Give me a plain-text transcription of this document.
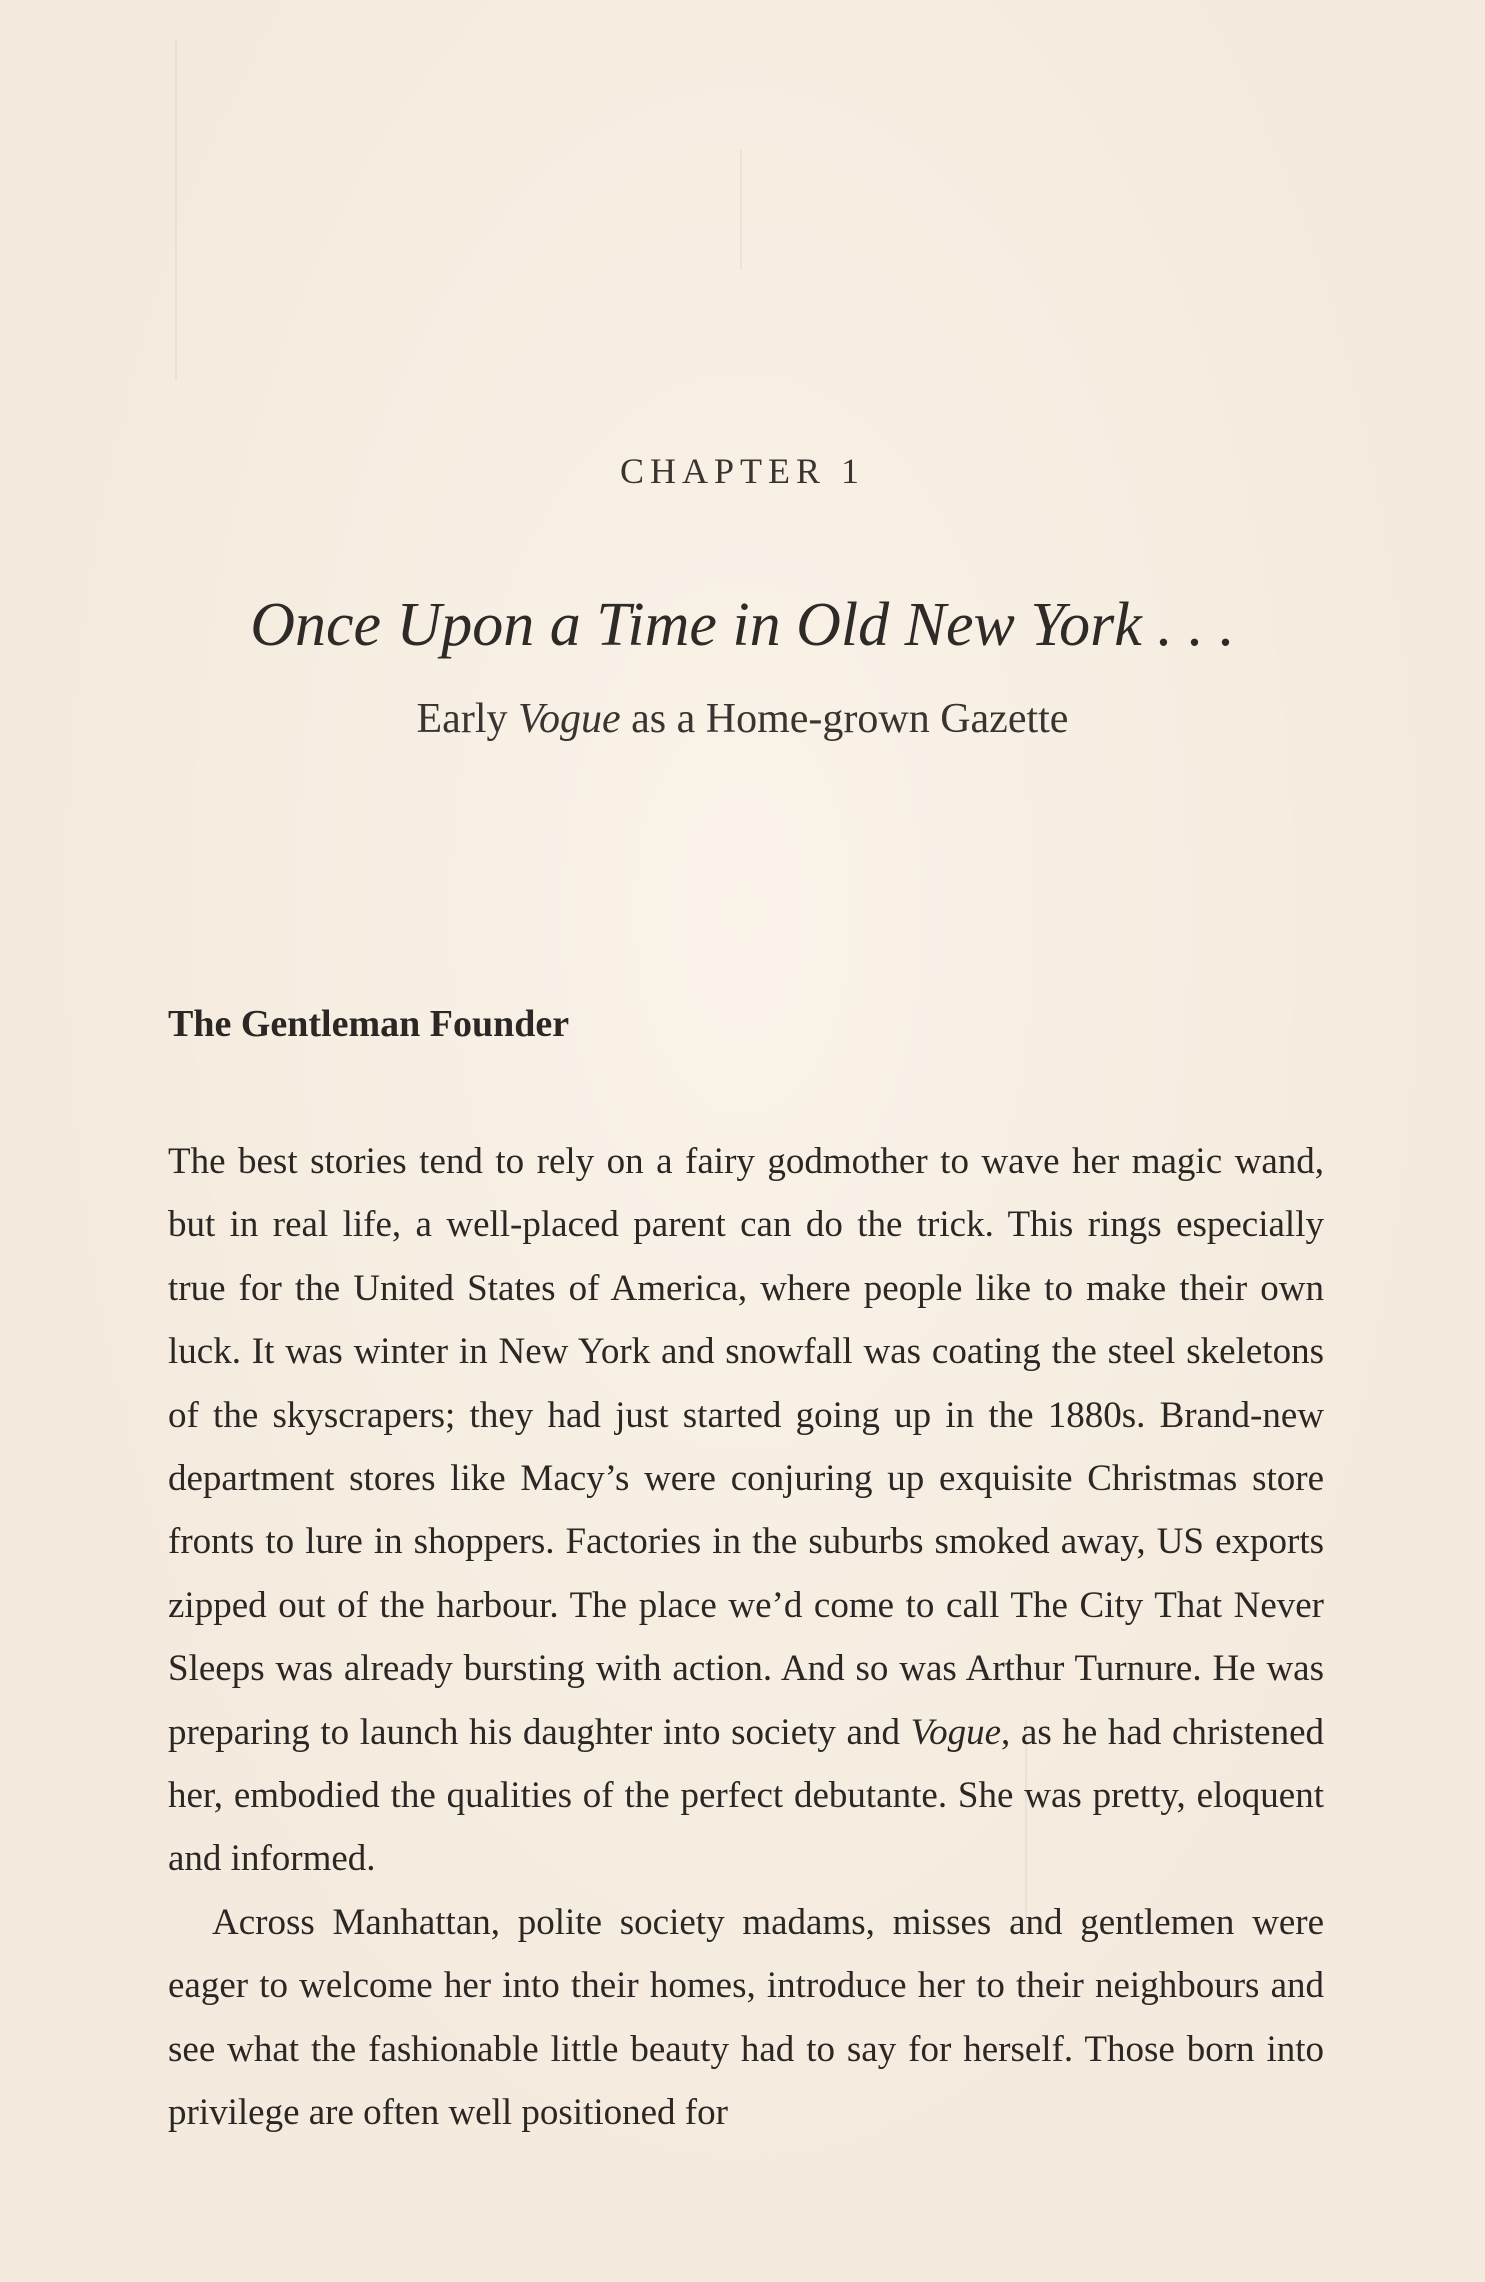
CHAPTER 1
Once Upon a Time in Old New York . . .
Early Vogue as a Home-grown Gazette
The Gentleman Founder

The best stories tend to rely on a fairy godmother to wave her magic wand, but in real life, a well-placed parent can do the trick. This rings especially true for the United States of America, where people like to make their own luck. It was winter in New York and snowfall was coating the steel skeletons of the skyscrapers; they had just started going up in the 1880s. Brand-new department stores like Macy’s were conjuring up exquisite Christmas store fronts to lure in shoppers. Factories in the suburbs smoked away, US exports zipped out of the harbour. The place we’d come to call The City That Never Sleeps was already bursting with action. And so was Arthur Turnure. He was preparing to launch his daughter into society and Vogue, as he had christened her, embodied the qualities of the perfect debutante. She was pretty, eloquent and informed.

Across Manhattan, polite society madams, misses and gentlemen were eager to welcome her into their homes, introduce her to their neighbours and see what the fashionable little beauty had to say for herself. Those born into privilege are often well positioned for
